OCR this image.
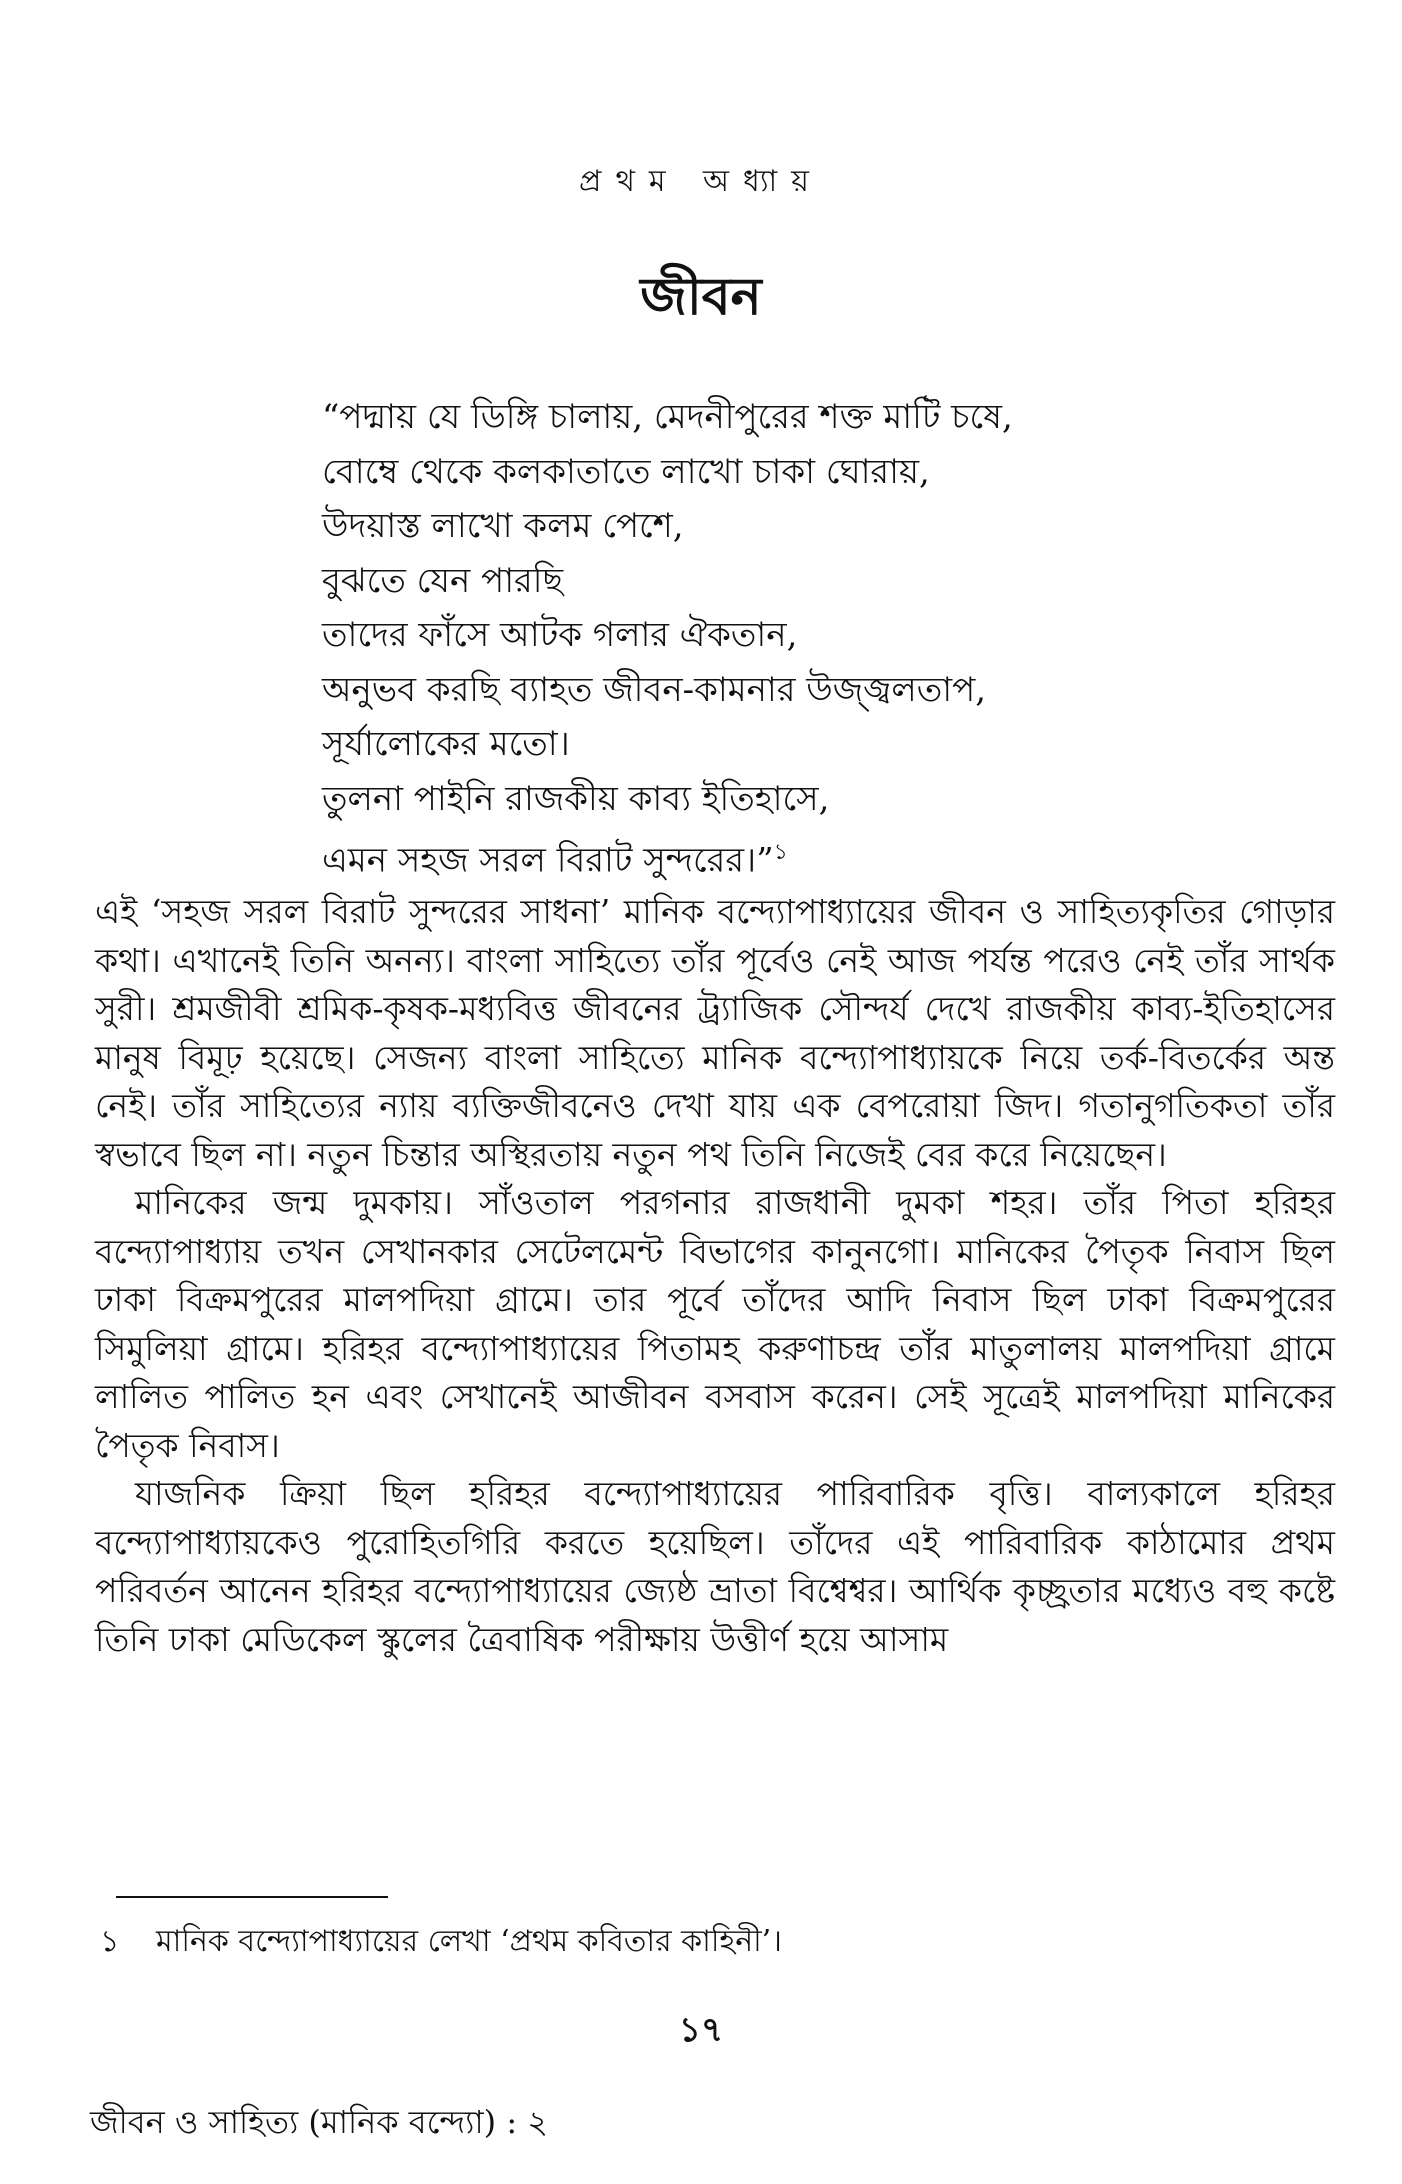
প্রথম অধ্যায়
জীবন
“পদ্মায় যে ডিঙ্গি চালায়, মেদনীপুরের শক্ত মাটি চষে,
বোম্বে থেকে কলকাতাতে লাখো চাকা ঘোরায়,
উদয়াস্ত লাখো কলম পেশে,
বুঝতে যেন পারছি
তাদের ফাঁসে আটক গলার ঐকতান,
অনুভব করছি ব্যাহত জীবন-কামনার উজ্জ্বলতাপ,
সূর্যালোকের মতো।
তুলনা পাইনি রাজকীয় কাব্য ইতিহাসে,
এমন সহজ সরল বিরাট সুন্দরের।”$^১$

এই ‘সহজ সরল বিরাট সুন্দরের সাধনা’ মানিক বন্দ্যোপাধ্যায়ের জীবন ও সাহিত্যকৃতির গোড়ার কথা। এখানেই তিনি অনন্য। বাংলা সাহিত্যে তাঁর পূর্বেও নেই আজ পর্যন্ত পরেও নেই তাঁর সার্থক সুরী। শ্রমজীবী শ্রমিক-কৃষক-মধ্যবিত্ত জীবনের ট্র্যাজিক সৌন্দর্য দেখে রাজকীয় কাব্য-ইতিহাসের মানুষ বিমূঢ় হয়েছে। সেজন্য বাংলা সাহিত্যে মানিক বন্দ্যোপাধ্যায়কে নিয়ে তর্ক-বিতর্কের অন্ত নেই। তাঁর সাহিত্যের ন্যায় ব্যক্তিজীবনেও দেখা যায় এক বেপরোয়া জিদ। গতানুগতিকতা তাঁর স্বভাবে ছিল না। নতুন চিন্তার অস্থিরতায় নতুন পথ তিনি নিজেই বের করে নিয়েছেন।

মানিকের জন্ম দুমকায়। সাঁওতাল পরগনার রাজধানী দুমকা শহর। তাঁর পিতা হরিহর বন্দ্যোপাধ্যায় তখন সেখানকার সেটেলমেন্ট বিভাগের কানুনগো। মানিকের পৈতৃক নিবাস ছিল ঢাকা বিক্রমপুরের মালপদিয়া গ্রামে। তার পূর্বে তাঁদের আদি নিবাস ছিল ঢাকা বিক্রমপুরের সিমুলিয়া গ্রামে। হরিহর বন্দ্যোপাধ্যায়ের পিতামহ করুণাচন্দ্র তাঁর মাতুলালয় মালপদিয়া গ্রামে লালিত পালিত হন এবং সেখানেই আজীবন বসবাস করেন। সেই সূত্রেই মালপদিয়া মানিকের পৈতৃক নিবাস।

যাজনিক ক্রিয়া ছিল হরিহর বন্দ্যোপাধ্যায়ের পারিবারিক বৃত্তি। বাল্যকালে হরিহর বন্দ্যোপাধ্যায়কেও পুরোহিতগিরি করতে হয়েছিল। তাঁদের এই পারিবারিক কাঠামোর প্রথম পরিবর্তন আনেন হরিহর বন্দ্যোপাধ্যায়ের জ্যেষ্ঠ ভ্রাতা বিশ্বেশ্বর। আর্থিক কৃচ্ছ্রতার মধ্যেও বহু কষ্টে তিনি ঢাকা মেডিকেল স্কুলের ত্রৈবাষিক পরীক্ষায় উত্তীর্ণ হয়ে আসাম

১ মানিক বন্দ্যোপাধ্যায়ের লেখা ‘প্রথম কবিতার কাহিনী’।
১৭
জীবন ও সাহিত্য (মানিক বন্দ্যো) : ২
